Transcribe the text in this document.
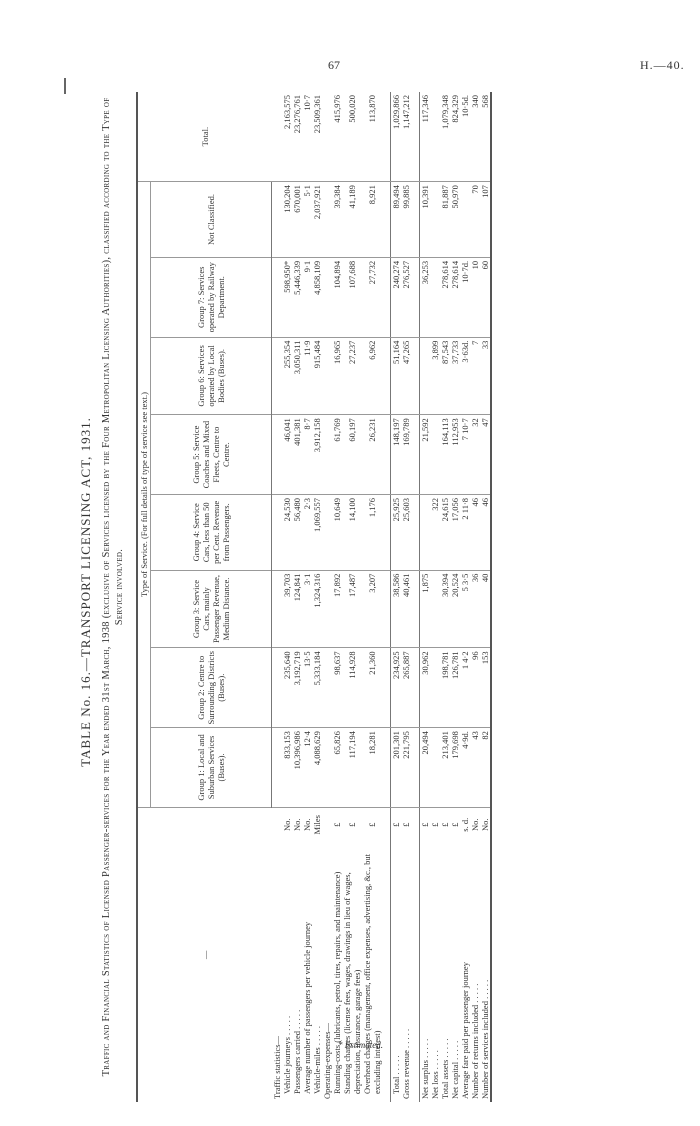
67	H.—40.
TABLE No. 16.—TRANSPORT LICENSING ACT, 1931. Traffic and Financial Statistics of Licensed Passenger-services for the Year ended 31st March, 1938 (exclusive of Services licensed by the Four Metropolitan Licensing Authorities), classified according to the Type of Service involved.
—		Type of Service. (For full details of type of service see text.)								Total.
		Group 1: Local and Suburban Services (Buses).	Group 2: Centre to Surrounding Districts (Buses).	Group 3: Service Cars, mainly Passenger Revenue, Medium Distance.	Group 4: Service Cars, less than 50 per Cent. Revenue from Passengers.	Group 5: Service Coaches and Mixed Fleets, Centre to Centre.	Group 6: Services operated by Local Bodies (Buses).	Group 7: Services operated by Railway Department.	Not Classified.	
Traffic statistics—										
Vehicle journeys . . . . .	No.	833,153	235,640	39,703	24,530	46,041	255,354	598,950*	130,204	2,163,575
Passengers carried . . . . .	No.	10,396,986	3,192,719	124,841	56,480	401,381	3,050,311	5,446,339	670,001	23,276,761
Average number of passengers per vehicle journey	No.	12·4	13·5	3·1	2·3	8·7	11·9	9·1	5·1	10·7
Vehicle-miles . . . . .	Miles	4,088,629	5,333,184	1,324,316	1,069,557	3,912,158	915,484	4,858,109	2,037,921	23,509,361
Operating-expenses—										
Running-costs (lubricants, petrol, tires, repairs, and maintenance)	£	65,826	98,637	17,892	10,649	61,769	16,965	104,894	39,384	415,976
Standing charges (license fees, wages, drawings in lieu of wages, depreciation, insurance, garage fees)	£	117,194	114,928	17,487	14,100	60,197	27,237	107,688	41,189	500,020
Overhead charges (management, office expenses, advertising, &c., but excluding interest)	£	18,281	21,360	3,207	1,176	26,231	6,962	27,732	8,921	113,870

Total . . . . .	£	201,301	234,925	38,586	25,925	148,197	51,164	240,274	89,494	1,029,866
Gross revenue . . . . .	£	221,795	265,887	40,461	25,603	169,789	47,265	276,527	99,885	1,147,212

Net surplus . . . . .	£	20,494	30,962	1,875		21,592		36,253	10,391	117,346
Net loss . . . . .	£				322		3,899			
Total assets . . . . .	£	213,401	198,781	30,394	24,615	164,113	87,543	278,614	81,887	1,079,348
Net capital . . . . .	£	179,698	126,781	20,524	17,056	112,953	37,733	278,614	50,970	824,329
Average fare paid per passenger journey	s. d.	4·9d.	1 4·2	5 3·5	2 11·8	7 10·7	3·63d.	10·7d.		10·5d.
Number of returns included . . . . .	No.	43	96	36	46	32	7	10	70	340
Number of services included . . . . .	No.	82	153	40	46	47	33	60	107	568
* Estimated.
